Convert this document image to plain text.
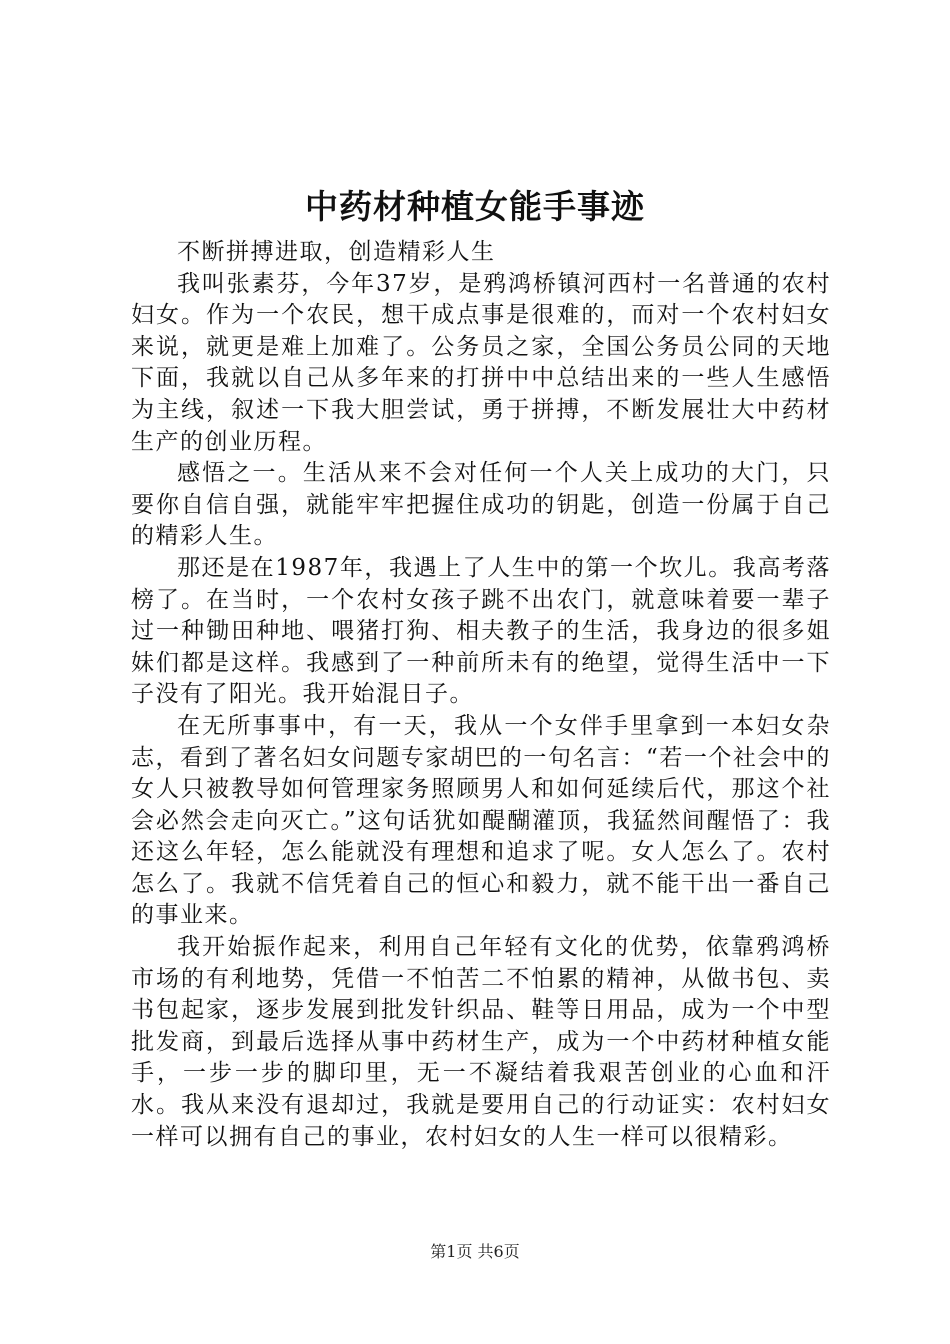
中药材种植女能手事迹

不断拼搏进取，创造精彩人生

我叫张素芬，今年37岁，是鸦鸿桥镇河西村一名普通的农村妇女。作为一个农民，想干成点事是很难的，而对一个农村妇女来说，就更是难上加难了。公务员之家，全国公务员公同的天地下面，我就以自己从多年来的打拼中中总结出来的一些人生感悟为主线，叙述一下我大胆尝试，勇于拼搏，不断发展壮大中药材生产的创业历程。

感悟之一。生活从来不会对任何一个人关上成功的大门，只要你自信自强，就能牢牢把握住成功的钥匙，创造一份属于自己的精彩人生。

那还是在1987年，我遇上了人生中的第一个坎儿。我高考落榜了。在当时，一个农村女孩子跳不出农门，就意味着要一辈子过一种锄田种地、喂猪打狗、相夫教子的生活，我身边的很多姐妹们都是这样。我感到了一种前所未有的绝望，觉得生活中一下子没有了阳光。我开始混日子。

在无所事事中，有一天，我从一个女伴手里拿到一本妇女杂志，看到了著名妇女问题专家胡巴的一句名言：“若一个社会中的女人只被教导如何管理家务照顾男人和如何延续后代，那这个社会必然会走向灭亡。”这句话犹如醍醐灌顶，我猛然间醒悟了：我还这么年轻，怎么能就没有理想和追求了呢。女人怎么了。农村怎么了。我就不信凭着自己的恒心和毅力，就不能干出一番自己的事业来。

我开始振作起来，利用自己年轻有文化的优势，依靠鸦鸿桥市场的有利地势，凭借一不怕苦二不怕累的精神，从做书包、卖书包起家，逐步发展到批发针织品、鞋等日用品，成为一个中型批发商，到最后选择从事中药材生产，成为一个中药材种植女能手，一步一步的脚印里，无一不凝结着我艰苦创业的心血和汗水。我从来没有退却过，我就是要用自己的行动证实：农村妇女一样可以拥有自己的事业，农村妇女的人生一样可以很精彩。

第1页 共6页
